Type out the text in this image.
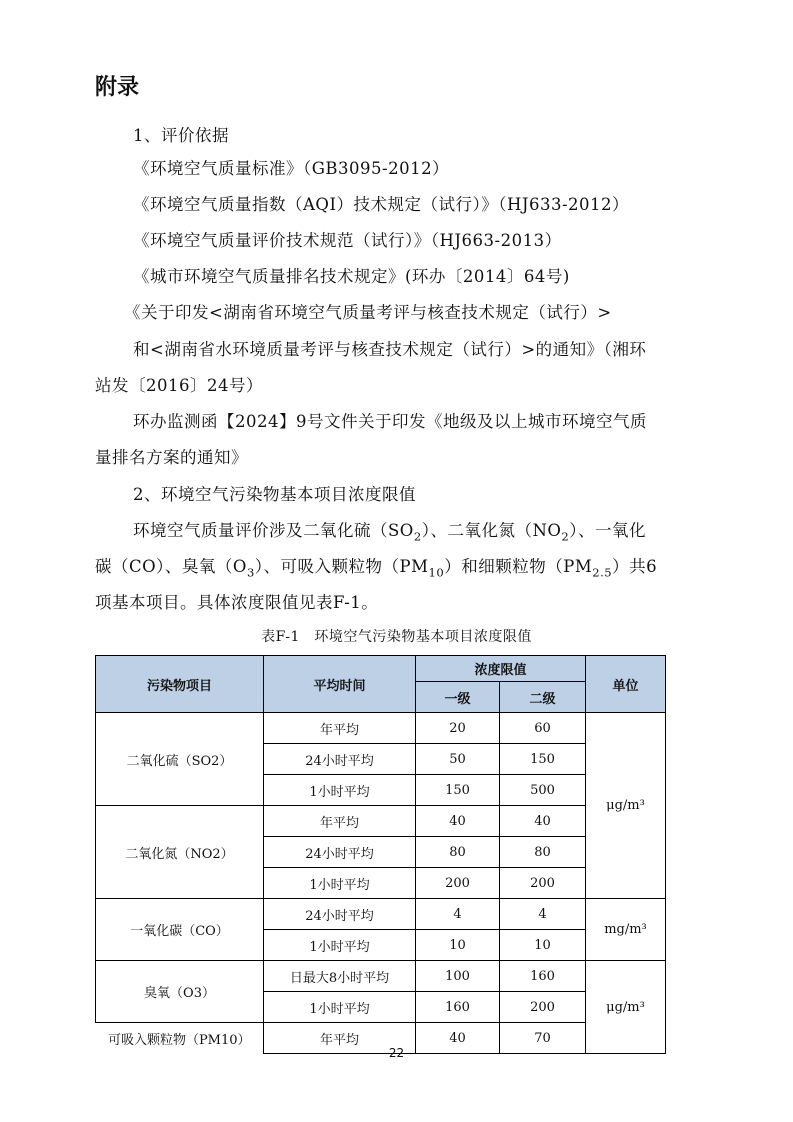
附录
1、评价依据
《环境空气质量标准》（GB3095-2012）
《环境空气质量指数（AQI）技术规定（试行）》（HJ633-2012）
《环境空气质量评价技术规范（试行）》（HJ663-2013）
《城市环境空气质量排名技术规定》(环办〔2014〕64号)
《关于印发<湖南省环境空气质量考评与核查技术规定（试行）>
和<湖南省水环境质量考评与核查技术规定（试行）>的通知》（湘环
站发〔2016〕24号）
环办监测函【2024】9号文件关于印发《地级及以上城市环境空气质
量排名方案的通知》
2、环境空气污染物基本项目浓度限值
环境空气质量评价涉及二氧化硫$(SO_2)$、二氧化氮$(NO_2)$、一氧化
碳（CO）、臭氧$(O_3)$、可吸入颗粒物$(PM_{10})$和细颗粒物$(PM_{2.5})$共6
项基本项目。具体浓度限值见表F-1。
表F-1　环境空气污染物基本项目浓度限值
污染物项目	平均时间	浓度限值		单位
		一级	二级	
二氧化硫（SO2）	年平均	20	60	μg/m³
	24小时平均	50	150	
	1小时平均	150	500	
二氧化氮（NO2）	年平均	40	40	
	24小时平均	80	80	
	1小时平均	200	200	
一氧化碳（CO）	24小时平均	4	4	mg/m³
	1小时平均	10	10	
臭氧（O3）	日最大8小时平均	100	160	μg/m³
	1小时平均	160	200	
可吸入颗粒物（PM10）	年平均	40	70	
22
